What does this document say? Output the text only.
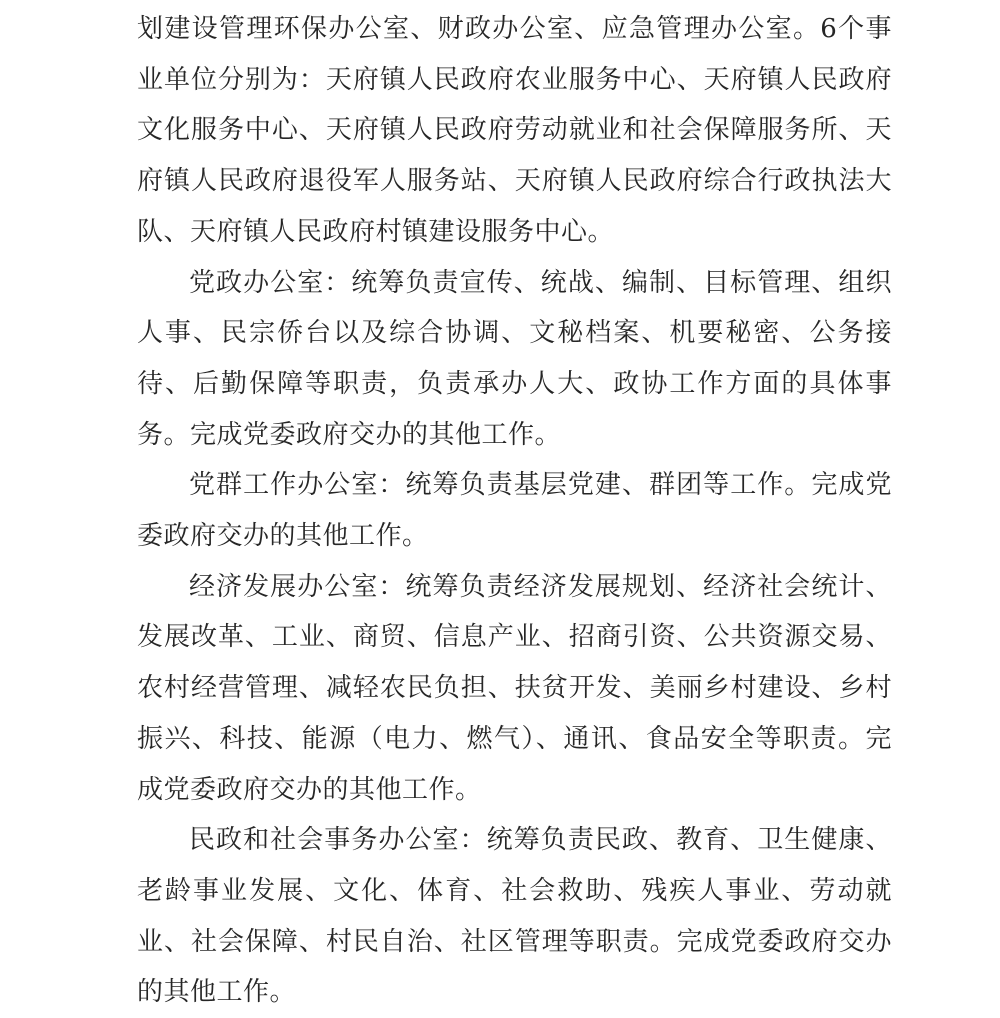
划建设管理环保办公室、财政办公室、应急管理办公室。6个事业单位分别为：天府镇人民政府农业服务中心、天府镇人民政府文化服务中心、天府镇人民政府劳动就业和社会保障服务所、天府镇人民政府退役军人服务站、天府镇人民政府综合行政执法大队、天府镇人民政府村镇建设服务中心。

党政办公室：统筹负责宣传、统战、编制、目标管理、组织人事、民宗侨台以及综合协调、文秘档案、机要秘密、公务接待、后勤保障等职责，负责承办人大、政协工作方面的具体事务。完成党委政府交办的其他工作。

党群工作办公室：统筹负责基层党建、群团等工作。完成党委政府交办的其他工作。

经济发展办公室：统筹负责经济发展规划、经济社会统计、发展改革、工业、商贸、信息产业、招商引资、公共资源交易、农村经营管理、减轻农民负担、扶贫开发、美丽乡村建设、乡村振兴、科技、能源（电力、燃气）、通讯、食品安全等职责。完成党委政府交办的其他工作。

民政和社会事务办公室：统筹负责民政、教育、卫生健康、老龄事业发展、文化、体育、社会救助、残疾人事业、劳动就业、社会保障、村民自治、社区管理等职责。完成党委政府交办的其他工作。
